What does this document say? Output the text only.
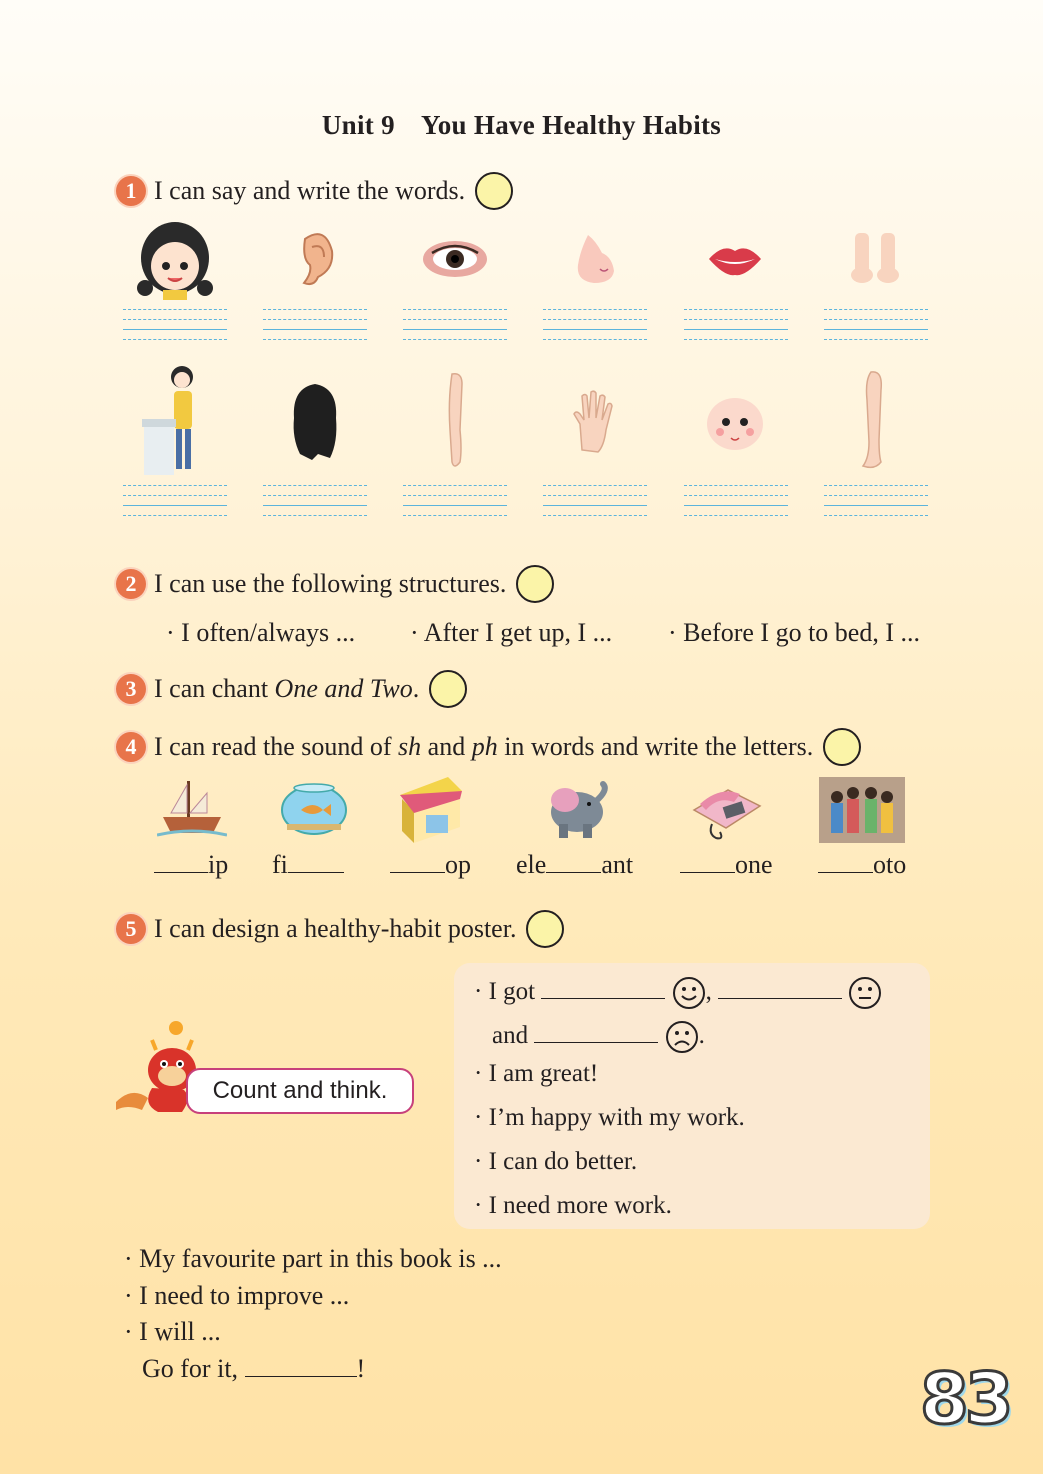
Unit 9 You Have Healthy Habits
1 I can say and write the words.
2 I can use the following structures.
· I often/always ... · After I get up, I ... · Before I go to bed, I ...
3 I can chant One and Two .
4 I can read the sound of sh and ph in words and write the letters.
ip fi	op ele ant	one	oto
5 I can design a healthy-habit poster.
Count and think.
· I got	,
and	.
· I am great!
· I’m happy with my work.
· I can do better.
· I need more work.
· My favourite part in this book is ...
· I need to improve ...
· I will ...
Go for it,	!	83
